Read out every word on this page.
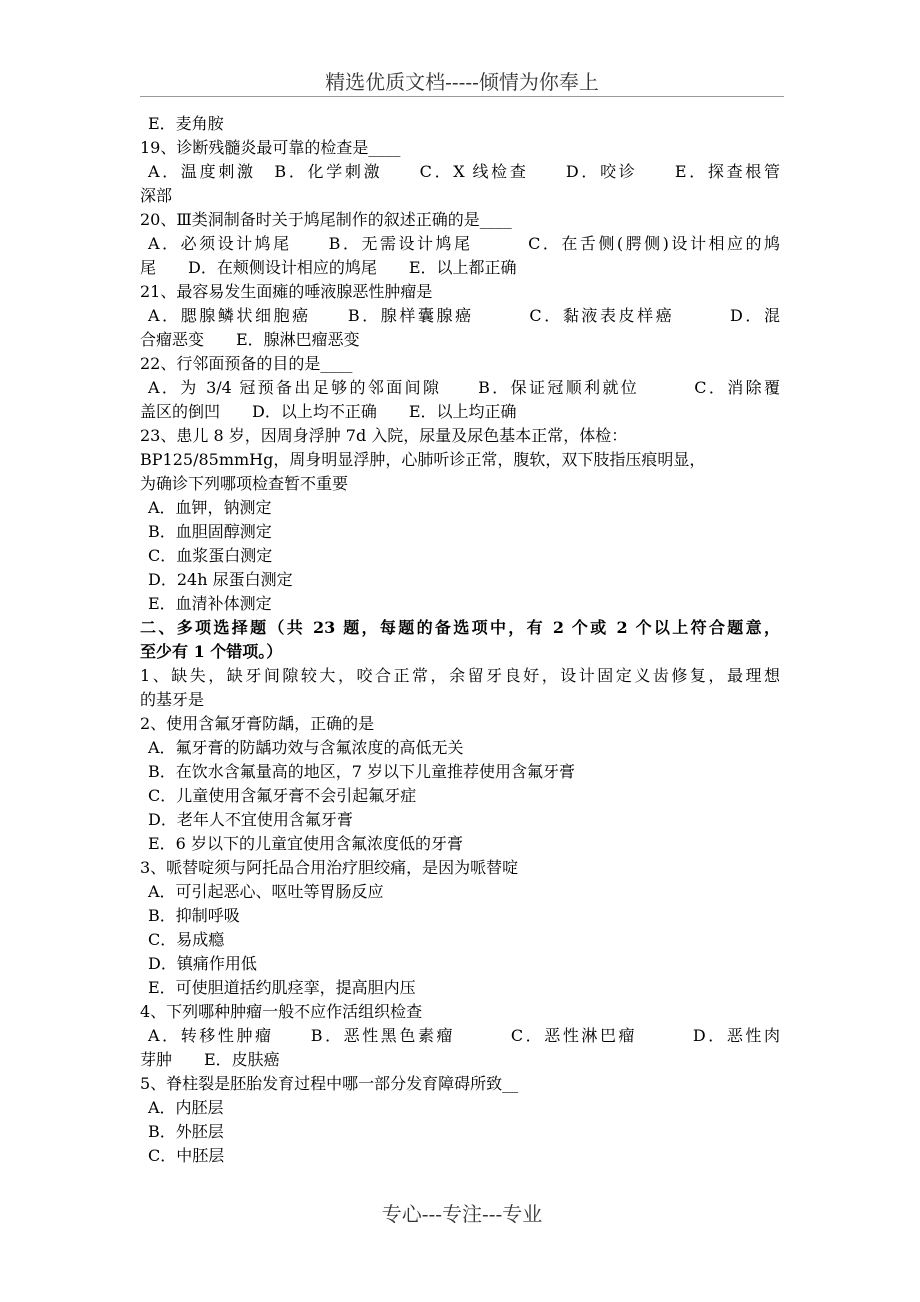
精选优质文档-----倾情为你奉上
E．麦角胺
19、诊断残髓炎最可靠的检查是____
A．温度刺激　B．化学刺激　　C．X 线检查　　D．咬诊　　E．探查根管
深部
20、Ⅲ类洞制备时关于鸠尾制作的叙述正确的是____
A．必须设计鸠尾　　B．无需设计鸠尾　　　C．在舌侧(腭侧)设计相应的鸠
尾　　D．在颊侧设计相应的鸠尾　　E．以上都正确
21、最容易发生面瘫的唾液腺恶性肿瘤是
A．腮腺鳞状细胞癌　　B．腺样囊腺癌　　　C．黏液表皮样癌　　　D．混
合瘤恶变　　E．腺淋巴瘤恶变
22、行邻面预备的目的是____
A．为 3/4 冠预备出足够的邻面间隙　　B．保证冠顺利就位　　　C．消除覆
盖区的倒凹　　D．以上均不正确　　E．以上均正确
23、患儿 8 岁，因周身浮肿 7d 入院，尿量及尿色基本正常，体检：
BP125/85mmHg，周身明显浮肿，心肺听诊正常，腹软，双下肢指压痕明显，
为确诊下列哪项检查暂不重要
A．血钾，钠测定
B．血胆固醇测定
C．血浆蛋白测定
D．24h 尿蛋白测定
E．血清补体测定
二、多项选择题（共 23 题，每题的备选项中，有 2 个或 2 个以上符合题意，
至少有 1 个错项。）
1、缺失，缺牙间隙较大，咬合正常，余留牙良好，设计固定义齿修复，最理想
的基牙是
2、使用含氟牙膏防龋，正确的是
A．氟牙膏的防龋功效与含氟浓度的高低无关
B．在饮水含氟量高的地区，7 岁以下儿童推荐使用含氟牙膏
C．儿童使用含氟牙膏不会引起氟牙症
D．老年人不宜使用含氟牙膏
E．6 岁以下的儿童宜使用含氟浓度低的牙膏
3、哌替啶须与阿托品合用治疗胆绞痛，是因为哌替啶
A．可引起恶心、呕吐等胃肠反应
B．抑制呼吸
C．易成瘾
D．镇痛作用低
E．可使胆道括约肌痉挛，提高胆内压
4、下列哪种肿瘤一般不应作活组织检查
A．转移性肿瘤　　B．恶性黑色素瘤　　　C．恶性淋巴瘤　　　D．恶性肉
芽肿　　E．皮肤癌
5、脊柱裂是胚胎发育过程中哪一部分发育障碍所致__
A．内胚层
B．外胚层
C．中胚层
专心---专注---专业
